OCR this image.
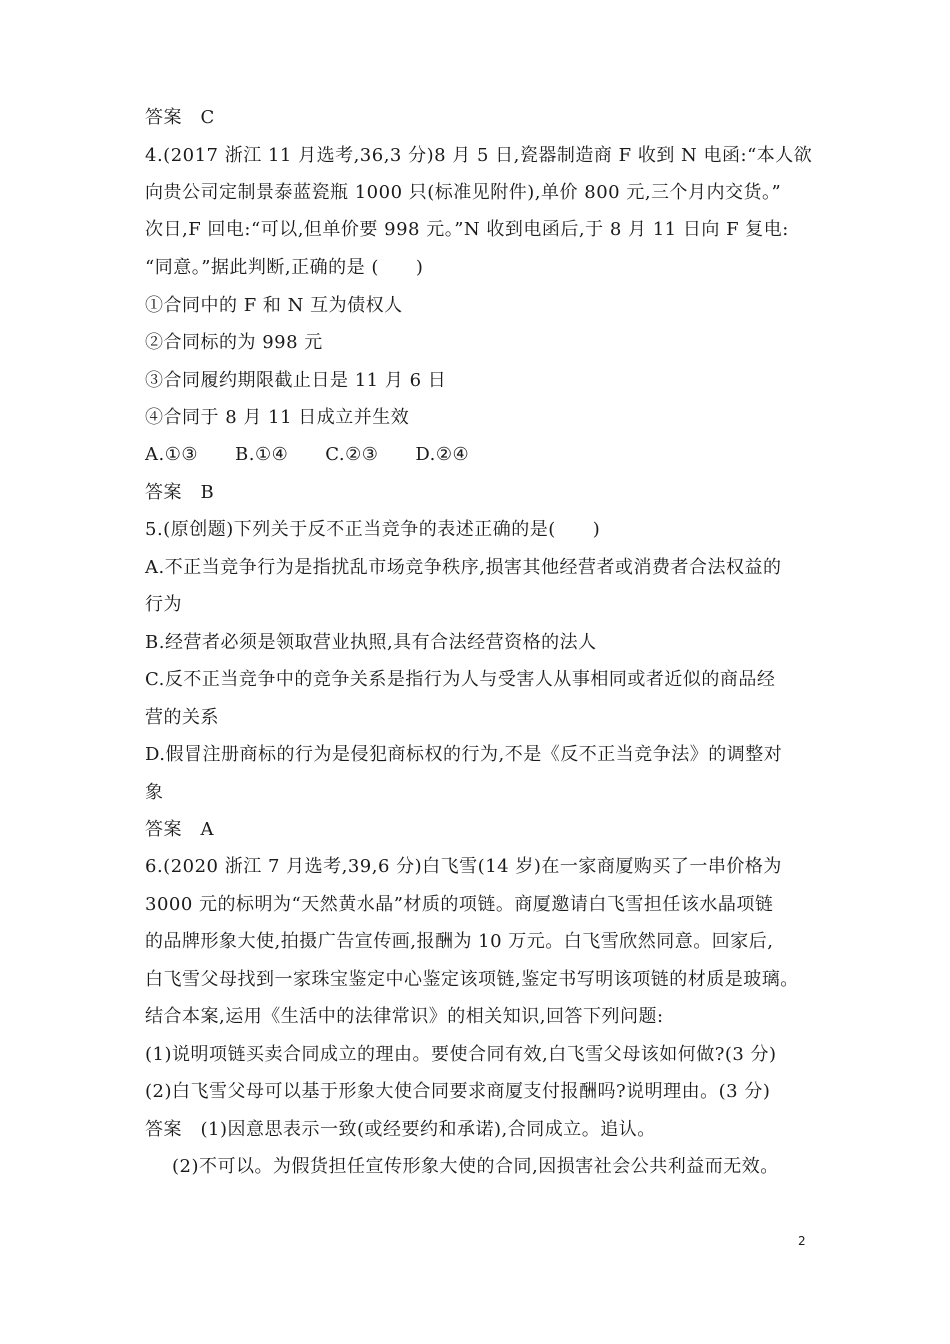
答案　C
4.(2017 浙江 11 月选考,36,3 分)8 月 5 日,瓷器制造商 F 收到 N 电函:“本人欲
向贵公司定制景泰蓝瓷瓶 1000 只(标准见附件),单价 800 元,三个月内交货。”
次日,F 回电:“可以,但单价要 998 元。”N 收到电函后,于 8 月 11 日向 F 复电:
“同意。”据此判断,正确的是 (　　)
①合同中的 F 和 N 互为债权人
②合同标的为 998 元
③合同履约期限截止日是 11 月 6 日
④合同于 8 月 11 日成立并生效
A.①③　　B.①④　　C.②③　　D.②④
答案　B
5.(原创题)下列关于反不正当竞争的表述正确的是(　　)
A.不正当竞争行为是指扰乱市场竞争秩序,损害其他经营者或消费者合法权益的
行为
B.经营者必须是领取营业执照,具有合法经营资格的法人
C.反不正当竞争中的竞争关系是指行为人与受害人从事相同或者近似的商品经
营的关系
D.假冒注册商标的行为是侵犯商标权的行为,不是《反不正当竞争法》的调整对
象
答案　A
6.(2020 浙江 7 月选考,39,6 分)白飞雪(14 岁)在一家商厦购买了一串价格为
3000 元的标明为“天然黄水晶”材质的项链。商厦邀请白飞雪担任该水晶项链
的品牌形象大使,拍摄广告宣传画,报酬为 10 万元。白飞雪欣然同意。回家后,
白飞雪父母找到一家珠宝鉴定中心鉴定该项链,鉴定书写明该项链的材质是玻璃。
结合本案,运用《生活中的法律常识》的相关知识,回答下列问题:
(1)说明项链买卖合同成立的理由。要使合同有效,白飞雪父母该如何做?(3 分)
(2)白飞雪父母可以基于形象大使合同要求商厦支付报酬吗?说明理由。(3 分)
答案　(1)因意思表示一致(或经要约和承诺),合同成立。追认。
(2)不可以。为假货担任宣传形象大使的合同,因损害社会公共利益而无效。
2
